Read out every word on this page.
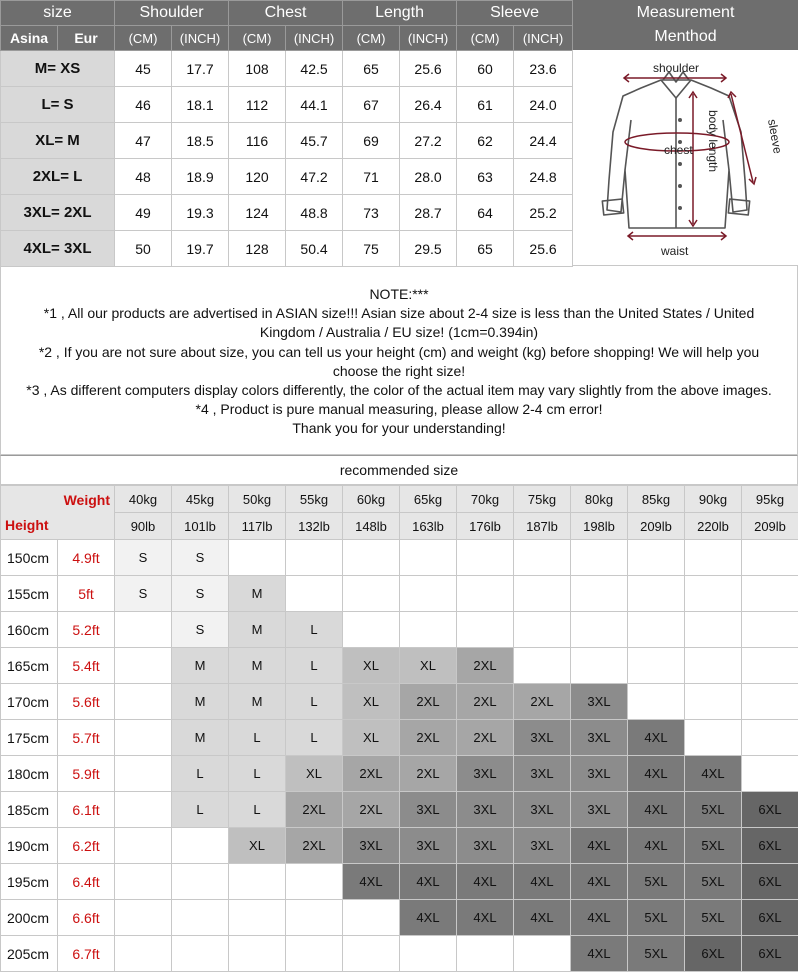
size		Shoulder		Chest		Length		Sleeve	
Asina	Eur	(CM)	(INCH)	(CM)	(INCH)	(CM)	(INCH)	(CM)	(INCH)
M= XS		45	17.7	108	42.5	65	25.6	60	23.6
L= S		46	18.1	112	44.1	67	26.4	61	24.0
XL= M		47	18.5	116	45.7	69	27.2	62	24.4
2XL= L		48	18.9	120	47.2	71	28.0	63	24.8
3XL= 2XL		49	19.3	124	48.8	73	28.7	64	25.2
4XL= 3XL		50	19.7	128	50.4	75	29.5	65	25.6
Measurement
Menthod
shoulder
chest	sleeve
body length
waist

NOTE:***

*1 , All our products are advertised in ASIAN size!!! Asian size about 2-4 size is less than the United States / United

Kingdom / Australia / EU size! (1cm=0.394in)

*2 , If you are not sure about size, you can tell us your height (cm) and weight (kg) before shopping! We will help you

choose the right size!

*3 , As different computers display colors differently, the color of the actual item may vary slightly from the above images.

*4 , Product is pure manual measuring, please allow 2-4 cm error!

Thank you for your understanding!

recommended size
Weight
Height		40kg	45kg	50kg	55kg	60kg	65kg	70kg	75kg	80kg	85kg	90kg	95kg
		90lb	101lb	117lb	132lb	148lb	163lb	176lb	187lb	198lb	209lb	220lb	209lb
150cm	4.9ft	S	S										
155cm	5ft	S	S	M									
160cm	5.2ft		S	M	L								
165cm	5.4ft		M	M	L	XL	XL	2XL					
170cm	5.6ft		M	M	L	XL	2XL	2XL	2XL	3XL			
175cm	5.7ft		M	L	L	XL	2XL	2XL	3XL	3XL	4XL		
180cm	5.9ft		L	L	XL	2XL	2XL	3XL	3XL	3XL	4XL	4XL	
185cm	6.1ft		L	L	2XL	2XL	3XL	3XL	3XL	3XL	4XL	5XL	6XL
190cm	6.2ft			XL	2XL	3XL	3XL	3XL	3XL	4XL	4XL	5XL	6XL
195cm	6.4ft					4XL	4XL	4XL	4XL	4XL	5XL	5XL	6XL
200cm	6.6ft						4XL	4XL	4XL	4XL	5XL	5XL	6XL
205cm	6.7ft									4XL	5XL	6XL	6XL
